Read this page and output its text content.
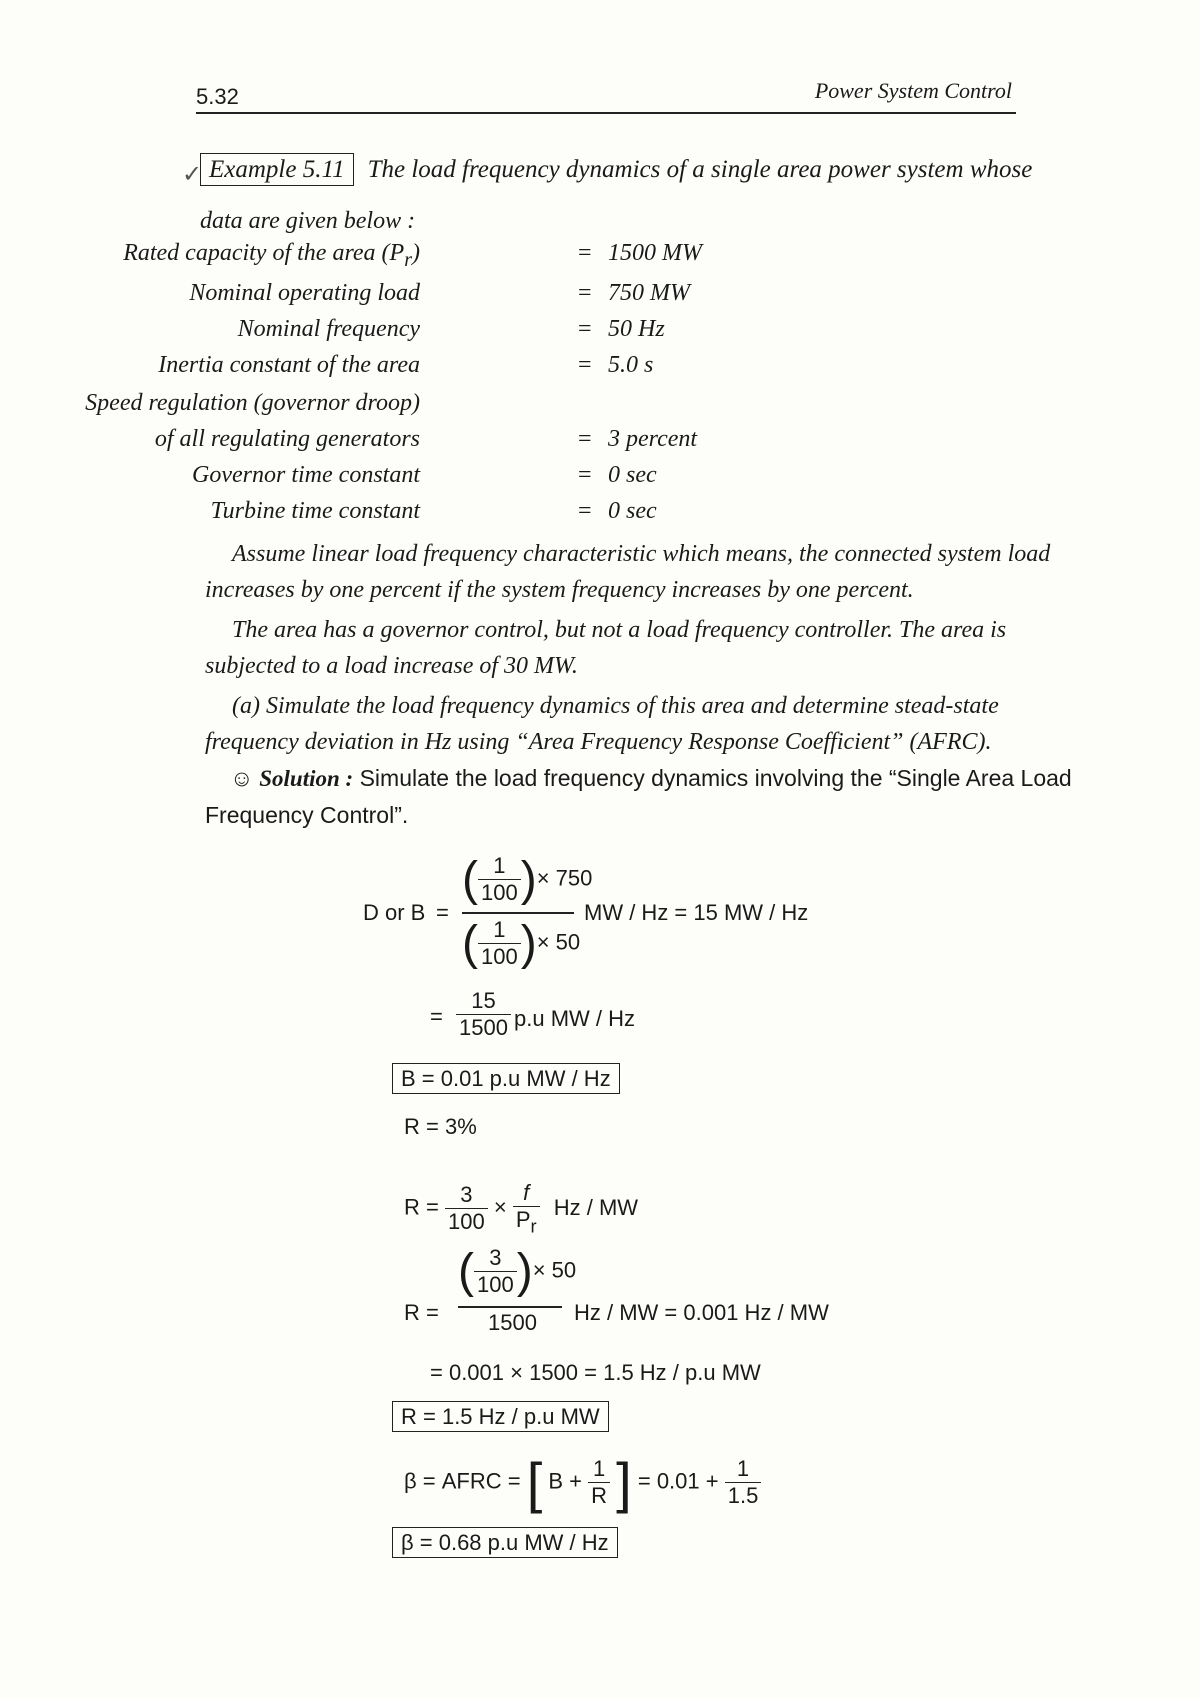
5.32	Power System Control
✓ Example 5.11 The load frequency dynamics of a single area power system whose
data are given below :
Rated capacity of the area $(P_r)$	= 1500 MW
Nominal operating load	= 750 MW
Nominal frequency	= 50 Hz
Inertia constant of the area	= 5.0 s
Speed regulation (governor droop)
of all regulating generators	= 3 percent
Governor time constant	= 0 sec
Turbine time constant	= 0 sec
Assume linear load frequency characteristic which means, the connected system load
increases by one percent if the system frequency increases by one percent.
The area has a governor control, but not a load frequency controller. The area is
subjected to a load increase of 30 MW.
(a) Simulate the load frequency dynamics of this area and determine stead-state
frequency deviation in Hz using “Area Frequency Response Coefficient” (AFRC).
☺ Solution : Simulate the load frequency dynamics involving the “Single Area Load
Frequency Control”.
D or B =
( $\frac{1}{100}$ )× 750
( $\frac{1}{100}$ )× 50
MW / Hz = 15 MW / Hz
= $\frac{15}{1500} p.u$ MW / Hz
B = 0.01 p.u MW / Hz
R = 3%
$R = \frac{3}{100} \times \frac{f}{P_r}$ Hz / MW
R =
( $\frac{3}{100}$ )× 50
1500 Hz / MW = 0.001 Hz / MW
= 0.001 × 1500 = 1.5 Hz / p.u MW
R = 1.5 Hz / p.u MW
β = AFRC = [ $B + \frac{1}{R}$ ] = $0.01 + \frac{1}{1.5}$
β = 0.68 p.u MW / Hz
